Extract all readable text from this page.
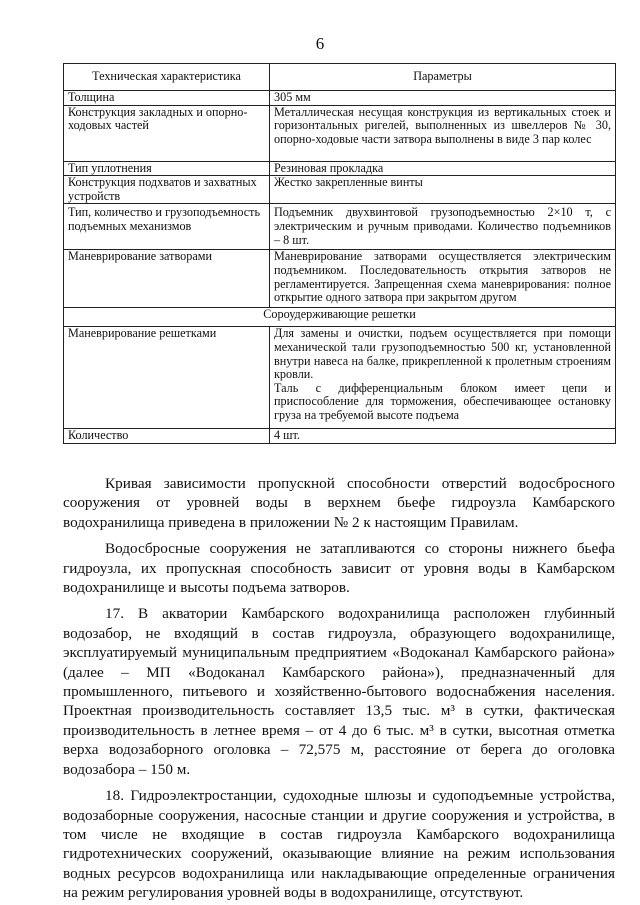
6
Техническая характеристика	Параметры
Толщина	305 мм
Конструкция закладных и опорно-ходовых частей	Металлическая несущая конструкция из вертикальных стоек и горизонтальных ригелей, выполненных из швеллеров № 30, опорно-ходовые части затвора выполнены в виде 3 пар колес
Тип уплотнения	Резиновая прокладка
Конструкция подхватов и захватных устройств	Жестко закрепленные винты
Тип, количество и грузоподъемность подъемных механизмов	Подъемник двухвинтовой грузоподъемностью 2×10 т, с электрическим и ручным приводами. Количество подъемников – 8 шт.
Маневрирование затворами	Маневрирование затворами осуществляется электрическим подъемником. Последовательность открытия затворов не регламентируется. Запрещенная схема маневрирования: полное открытие одного затвора при закрытом другом
Сороудерживающие решетки	
Маневрирование решетками	Для замены и очистки, подъем осуществляется при помощи механической тали грузоподъемностью 500 кг, установленной внутри навеса на балке, прикрепленной к пролетным строениям кровли.
Таль с дифференциальным блоком имеет цепи и приспособление для торможения, обеспечивающее остановку груза на требуемой высоте подъема

Количество	4 шт.

Кривая зависимости пропускной способности отверстий водосбросного сооружения от уровней воды в верхнем бьефе гидроузла Камбарского водохранилища приведена в приложении № 2 к настоящим Правилам.

Водосбросные сооружения не затапливаются со стороны нижнего бьефа гидроузла, их пропускная способность зависит от уровня воды в Камбарском водохранилище и высоты подъема затворов.

17. В акватории Камбарского водохранилища расположен глубинный водозабор, не входящий в состав гидроузла, образующего водохранилище, эксплуатируемый муниципальным предприятием «Водоканал Камбарского района» (далее – МП «Водоканал Камбарского района»), предназначенный для промышленного, питьевого и хозяйственно-бытового водоснабжения населения. Проектная производительность составляет 13,5 тыс. м³ в сутки, фактическая производительность в летнее время – от 4 до 6 тыс. м³ в сутки, высотная отметка верха водозаборного оголовка – 72,575 м, расстояние от берега до оголовка водозабора – 150 м.

18. Гидроэлектростанции, судоходные шлюзы и судоподъемные устройства, водозаборные сооружения, насосные станции и другие сооружения и устройства, в том числе не входящие в состав гидроузла Камбарского водохранилища гидротехнических сооружений, оказывающие влияние на режим использования водных ресурсов водохранилища или накладывающие определенные ограничения на режим регулирования уровней воды в водохранилище, отсутствуют.
